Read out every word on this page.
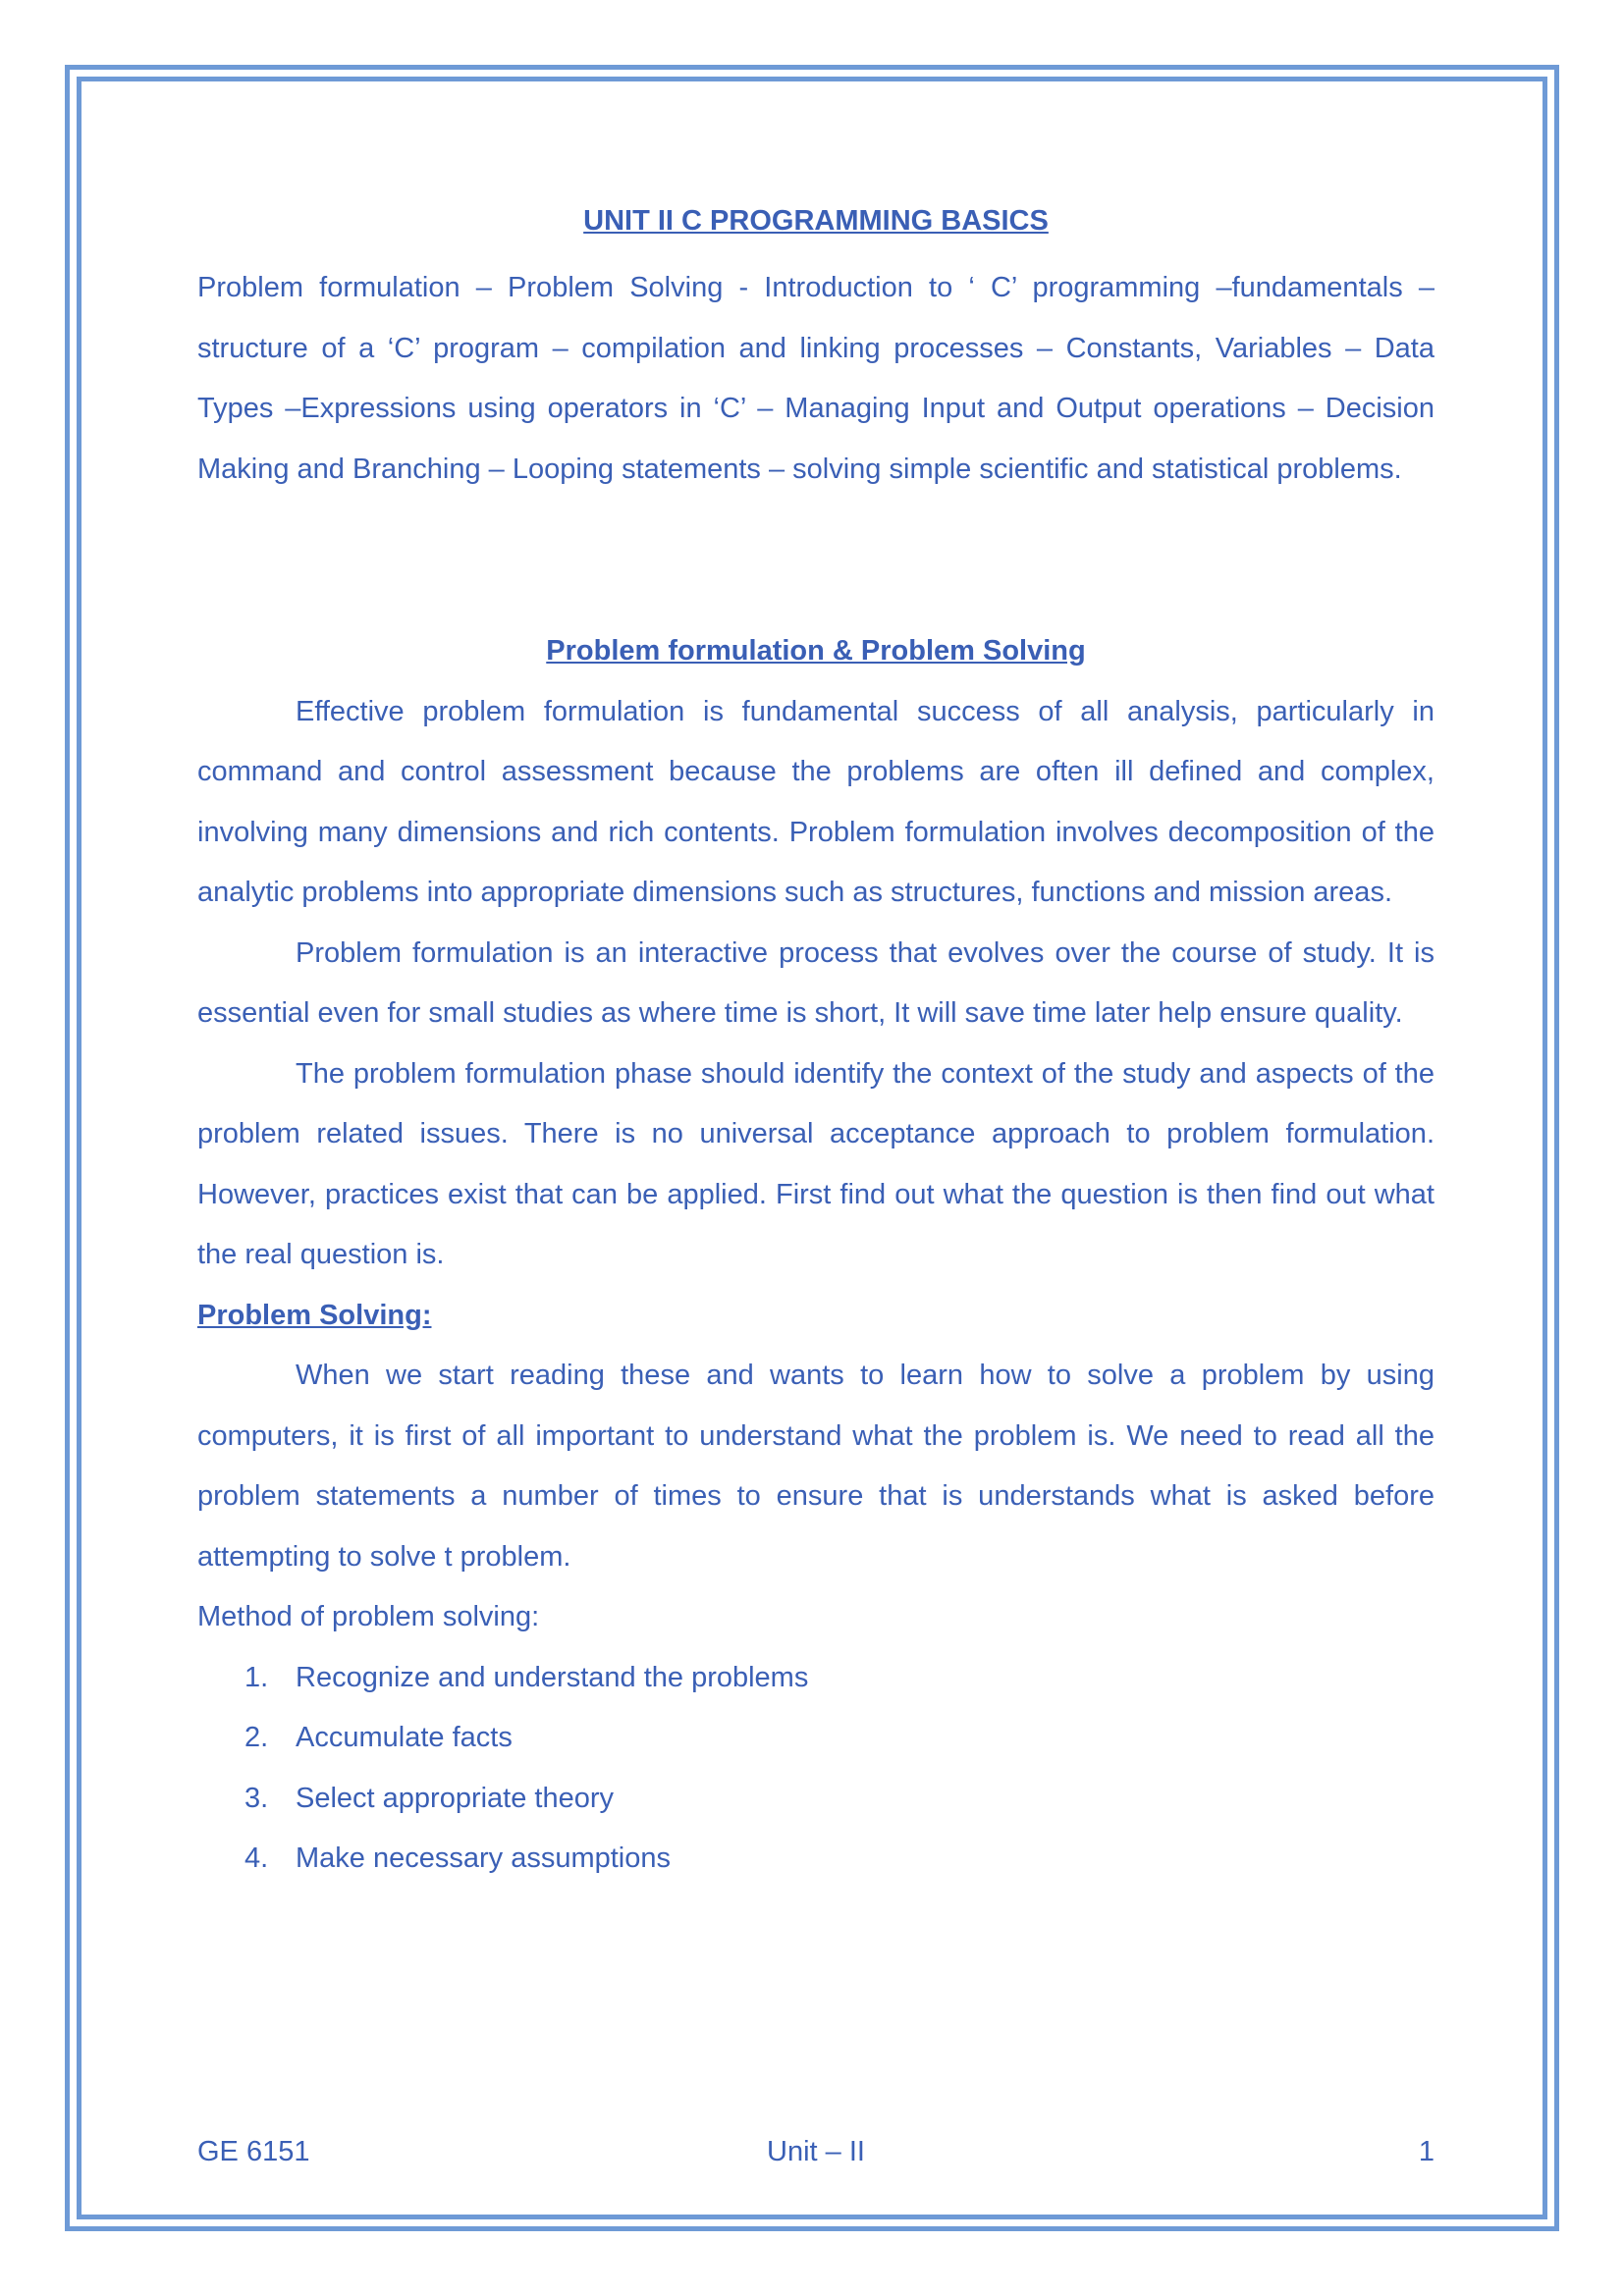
UNIT II C PROGRAMMING BASICS
Problem formulation – Problem Solving - Introduction to ‘ C’ programming –fundamentals – structure of a ‘C’ program – compilation and linking processes – Constants, Variables – Data Types –Expressions using operators in ‘C’ – Managing Input and Output operations – Decision Making and Branching – Looping statements – solving simple scientific and statistical problems.
Problem formulation & Problem Solving

Effective problem formulation is fundamental success of all analysis, particularly in command and control assessment because the problems are often ill defined and complex, involving many dimensions and rich contents. Problem formulation involves decomposition of the analytic problems into appropriate dimensions such as structures, functions and mission areas.

Problem formulation is an interactive process that evolves over the course of study. It is essential even for small studies as where time is short, It will save time later help ensure quality.

The problem formulation phase should identify the context of the study and aspects of the problem related issues. There is no universal acceptance approach to problem formulation. However, practices exist that can be applied. First find out what the question is then find out what the real question is.

Problem Solving:

When we start reading these and wants to learn how to solve a problem by using computers, it is first of all important to understand what the problem is. We need to read all the problem statements a number of times to ensure that is understands what is asked before attempting to solve t problem.

Method of problem solving:
1. Recognize and understand the problems
2. Accumulate facts
3. Select appropriate theory
4. Make necessary assumptions
GE 6151	Unit – II	1
